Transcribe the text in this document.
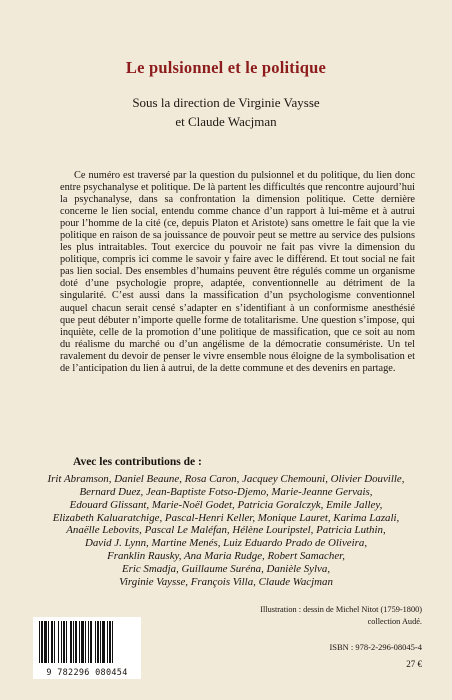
Le pulsionnel et le politique
Sous la direction de Virginie Vaysse
et Claude Wacjman

Ce numéro est traversé par la question du pulsionnel et du politique, du lien donc entre psychanalyse et politique. De là partent les difficultés que rencontre aujourd’hui la psychanalyse, dans sa confrontation la dimension politique. Cette dernière concerne le lien social, entendu comme chance d’un rapport à lui-même et à autrui pour l’homme de la cité (ce, depuis Platon et Aristote) sans omettre le fait que la vie politique en raison de sa jouissance de pouvoir peut se mettre au service des pulsions les plus intraitables. Tout exercice du pouvoir ne fait pas vivre la dimension du politique, compris ici comme le savoir y faire avec le différend. Et tout social ne fait pas lien social. Des ensembles d’humains peuvent être régulés comme un organisme doté d’une psychologie propre, adaptée, conventionnelle au détriment de la singularité. C’est aussi dans la massification d’un psychologisme conventionnel auquel chacun serait censé s’adapter en s’identifiant à un conformisme anesthésié que peut débuter n’importe quelle forme de totalitarisme. Une question s’impose, qui inquiète, celle de la promotion d’une politique de massification, que ce soit au nom du réalisme du marché ou d’un angélisme de la démocratie consumériste. Un tel ravalement du devoir de penser le vivre ensemble nous éloigne de la symbolisation et de l’anticipation du lien à autrui, de la dette commune et des devenirs en partage.

Avec les contributions de :
Irit Abramson, Daniel Beaune, Rosa Caron, Jacquey Chemouni, Olivier Douville,
Bernard Duez, Jean-Baptiste Fotso-Djemo, Marie-Jeanne Gervais,
Edouard Glissant, Marie-Noël Godet, Patricia Goralczyk, Emile Jalley,
Elizabeth Kaluaratchige, Pascal-Henri Keller, Monique Lauret, Karima Lazali,
Anaëlle Lebovits, Pascal Le Maléfan, Hélène Louripstel, Patricia Luthin,
David J. Lynn, Martine Menés, Luiz Eduardo Prado de Oliveira,
Franklin Rausky, Ana Maria Rudge, Robert Samacher,
Eric Smadja, Guillaume Suréna, Danièle Sylva,
Virginie Vaysse, François Villa, Claude Wacjman
Illustration : dessin de Michel Nitot (1759-1800)
collection Audé.
9 782296 080454
ISBN : 978-2-296-08045-4
27 €
